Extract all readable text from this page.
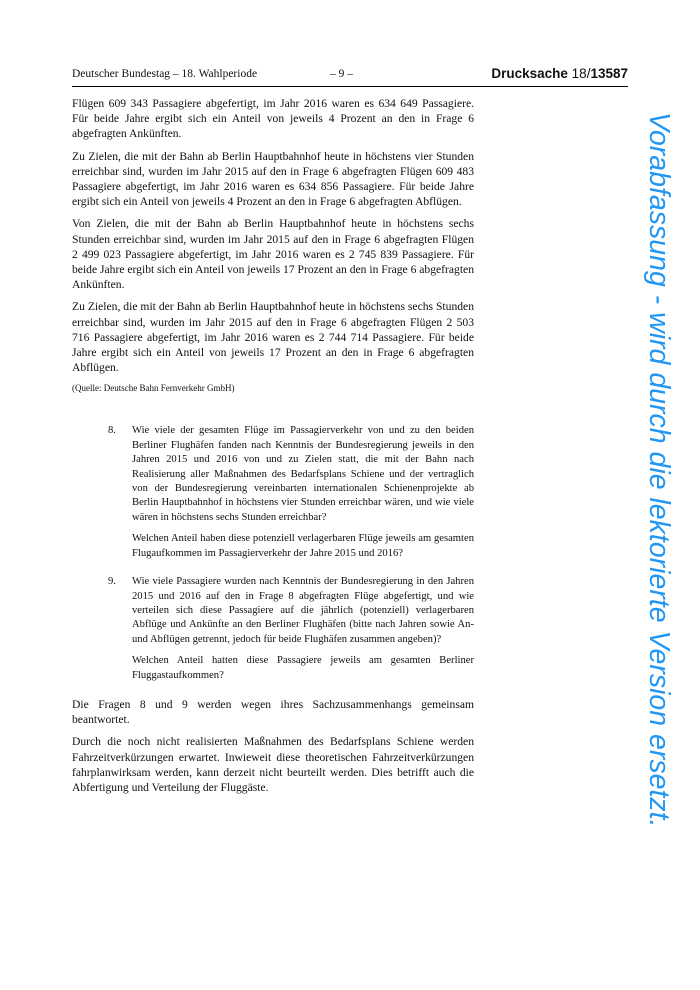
Deutscher Bundestag – 18. Wahlperiode	– 9 –	Drucksache 18/13587

Flügen 609 343 Passagiere abgefertigt, im Jahr 2016 waren es 634 649 Passagiere. Für beide Jahre ergibt sich ein Anteil von jeweils 4 Prozent an den in Frage 6 abgefragten Ankünften.

Zu Zielen, die mit der Bahn ab Berlin Hauptbahnhof heute in höchstens vier Stunden erreichbar sind, wurden im Jahr 2015 auf den in Frage 6 abgefragten Flügen 609 483 Passagiere abgefertigt, im Jahr 2016 waren es 634 856 Passagiere. Für beide Jahre ergibt sich ein Anteil von jeweils 4 Prozent an den in Frage 6 abgefragten Abflügen.

Von Zielen, die mit der Bahn ab Berlin Hauptbahnhof heute in höchstens sechs Stunden erreichbar sind, wurden im Jahr 2015 auf den in Frage 6 abgefragten Flügen 2 499 023 Passagiere abgefertigt, im Jahr 2016 waren es 2 745 839 Passagiere. Für beide Jahre ergibt sich ein Anteil von jeweils 17 Prozent an den in Frage 6 abgefragten Ankünften.

Zu Zielen, die mit der Bahn ab Berlin Hauptbahnhof heute in höchstens sechs Stunden erreichbar sind, wurden im Jahr 2015 auf den in Frage 6 abgefragten Flügen 2 503 716 Passagiere abgefertigt, im Jahr 2016 waren es 2 744 714 Passagiere. Für beide Jahre ergibt sich ein Anteil von jeweils 17 Prozent an den in Frage 6 abgefragten Abflügen.

(Quelle: Deutsche Bahn Fernverkehr GmbH)

8.	Wie viele der gesamten Flüge im Passagierverkehr von und zu den beiden Berliner Flughäfen fanden nach Kenntnis der Bundesregierung jeweils in den Jahren 2015 und 2016 von und zu Zielen statt, die mit der Bahn nach Realisierung aller Maßnahmen des Bedarfsplans Schiene und der vertraglich von der Bundesregierung vereinbarten internationalen Schienenprojekte ab Berlin Hauptbahnhof in höchstens vier Stunden erreichbar wären, und wie viele wären in höchstens sechs Stunden erreichbar?

Welchen Anteil haben diese potenziell verlagerbaren Flüge jeweils am gesamten Flugaufkommen im Passagierverkehr der Jahre 2015 und 2016?

9.	Wie viele Passagiere wurden nach Kenntnis der Bundesregierung in den Jahren 2015 und 2016 auf den in Frage 8 abgefragten Flüge abgefertigt, und wie verteilen sich diese Passagiere auf die jährlich (potenziell) verlagerbaren Abflüge und Ankünfte an den Berliner Flughäfen (bitte nach Jahren sowie An- und Abflügen getrennt, jedoch für beide Flughäfen zusammen angeben)?

Welchen Anteil hatten diese Passagiere jeweils am gesamten Berliner Fluggastaufkommen?

Die Fragen 8 und 9 werden wegen ihres Sachzusammenhangs gemeinsam beantwortet.

Durch die noch nicht realisierten Maßnahmen des Bedarfsplans Schiene werden Fahrzeitverkürzungen erwartet. Inwieweit diese theoretischen Fahrzeitverkürzungen fahrplanwirksam werden, kann derzeit nicht beurteilt werden. Dies betrifft auch die Abfertigung und Verteilung der Fluggäste.	Vorabfassung - wird durch die lektorierte Version ersetzt.
